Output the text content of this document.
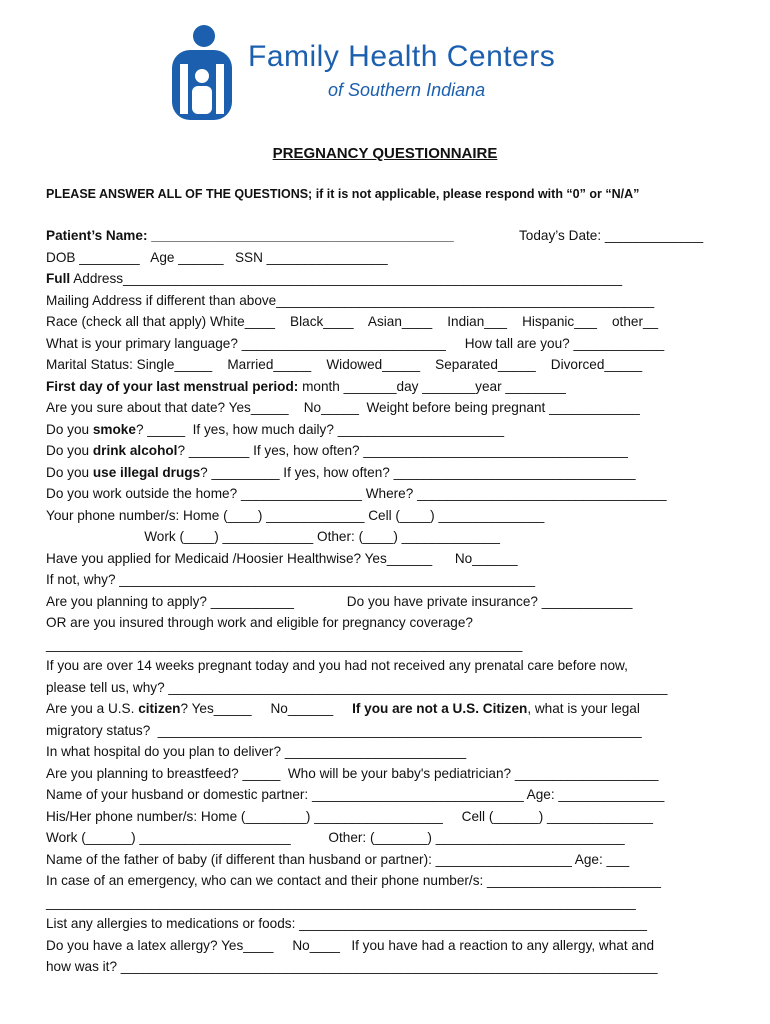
Family Health Centers
of Southern Indiana
PREGNANCY QUESTIONNAIRE
PLEASE ANSWER ALL OF THE QUESTIONS; if it is not applicable, please respond with “0” or “N/A”
Patient’s Name: ________________________________________	Today’s Date: _____________
DOB ________   Age ______   SSN ________________
Full Address__________________________________________________________________
Mailing Address if different than above__________________________________________________
Race (check all that apply) White____    Black____    Asian____    Indian___    Hispanic___    other__
What is your primary language? ___________________________     How tall are you? ____________
Marital Status: Single_____    Married_____    Widowed_____    Separated_____    Divorced_____
First day of your last menstrual period: month _______day _______year ________
Are you sure about that date? Yes_____    No_____  Weight before being pregnant ____________
Do you smoke? _____  If yes, how much daily? ______________________
Do you drink alcohol? ________ If yes, how often? ___________________________________
Do you use illegal drugs? _________ If yes, how often? ________________________________
Do you work outside the home? ________________ Where? _________________________________
Your phone number/s: Home (____) _____________ Cell (____) ______________
Work (____) ____________ Other: (____) _____________
Have you applied for Medicaid /Hoosier Healthwise? Yes______      No______
If not, why? _______________________________________________________
Are you planning to apply? ___________              Do you have private insurance? ____________
OR are you insured through work and eligible for pregnancy coverage?
_______________________________________________________________
If you are over 14 weeks pregnant today and you had not received any prenatal care before now,
please tell us, why? __________________________________________________________________
Are you a U.S. citizen? Yes_____     No______     If you are not a U.S. Citizen, what is your legal
migratory status?  ________________________________________________________________
In what hospital do you plan to deliver? ________________________
Are you planning to breastfeed? _____  Who will be your baby's pediatrician? ___________________
Name of your husband or domestic partner: ____________________________ Age: ______________
His/Her phone number/s: Home (________) _________________     Cell (______) ______________
Work (______) ____________________          Other: (_______) _________________________
Name of the father of baby (if different than husband or partner): __________________ Age: ___
In case of an emergency, who can we contact and their phone number/s: _______________________
______________________________________________________________________________
List any allergies to medications or foods: ______________________________________________
Do you have a latex allergy? Yes____     No____   If you have had a reaction to any allergy, what and
how was it? _______________________________________________________________________
